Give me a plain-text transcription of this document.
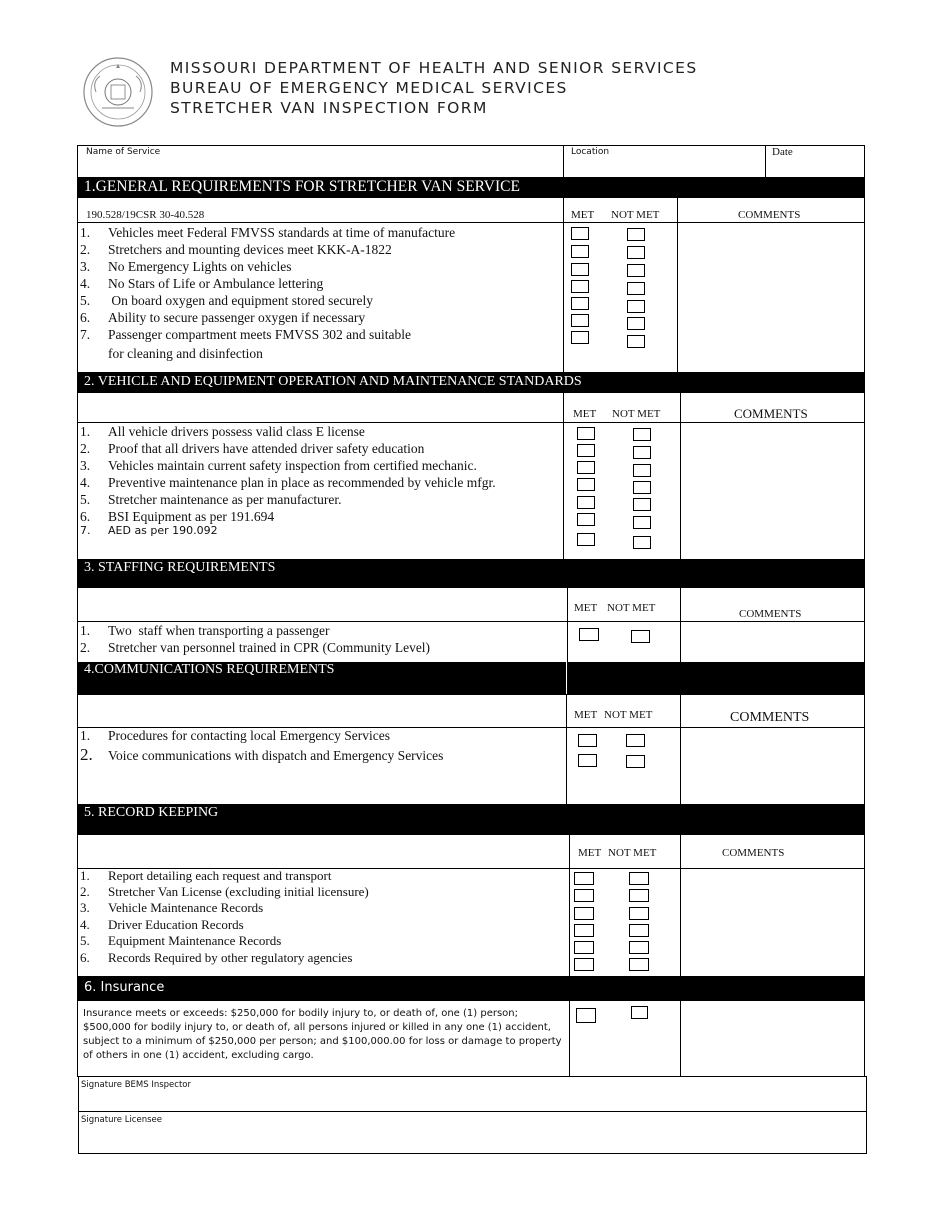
MISSOURI DEPARTMENT OF HEALTH AND SENIOR SERVICES
BUREAU OF EMERGENCY MEDICAL SERVICES
STRETCHER VAN INSPECTION FORM
Name of Service	Location	Date
1.GENERAL REQUIREMENTS FOR STRETCHER VAN SERVICE
190.528/19CSR 30-40.528	MET NOT MET	COMMENTS
1. Vehicles meet Federal FMVSS standards at time of manufacture
2. Stretchers and mounting devices meet KKK-A-1822
3. No Emergency Lights on vehicles
4. No Stars of Life or Ambulance lettering
5. On board oxygen and equipment stored securely
6. Ability to secure passenger oxygen if necessary
7. Passenger compartment meets FMVSS 302 and suitable
for cleaning and disinfection
2. VEHICLE AND EQUIPMENT OPERATION AND MAINTENANCE STANDARDS
MET NOT MET	COMMENTS
1. All vehicle drivers possess valid class E license
2. Proof that all drivers have attended driver safety education
3. Vehicles maintain current safety inspection from certified mechanic.
4. Preventive maintenance plan in place as recommended by vehicle mfgr.
5. Stretcher maintenance as per manufacturer.
6. BSI Equipment as per 191.694
7. AED as per 190.092
3. STAFFING REQUIREMENTS
MET NOT MET	COMMENTS
1. Two  staff when transporting a passenger
2. Stretcher van personnel trained in CPR (Community Level)
4.COMMUNICATIONS REQUIREMENTS
MET NOT MET	COMMENTS
1. Procedures for contacting local Emergency Services
2. Voice communications with dispatch and Emergency Services
5. RECORD KEEPING
MET NOT MET	COMMENTS
1. Report detailing each request and transport
2. Stretcher Van License (excluding initial licensure)
3. Vehicle Maintenance Records
4. Driver Education Records
5. Equipment Maintenance Records
6. Records Required by other regulatory agencies
6. Insurance
Insurance meets or exceeds: $250,000 for bodily injury to, or death of, one (1) person; $500,000 for bodily injury to, or death of, all persons injured or killed in any one (1) accident, subject to a minimum of $250,000 per person; and $100,000.00 for loss or damage to property of others in one (1) accident, excluding cargo.
Signature BEMS Inspector
Signature Licensee
